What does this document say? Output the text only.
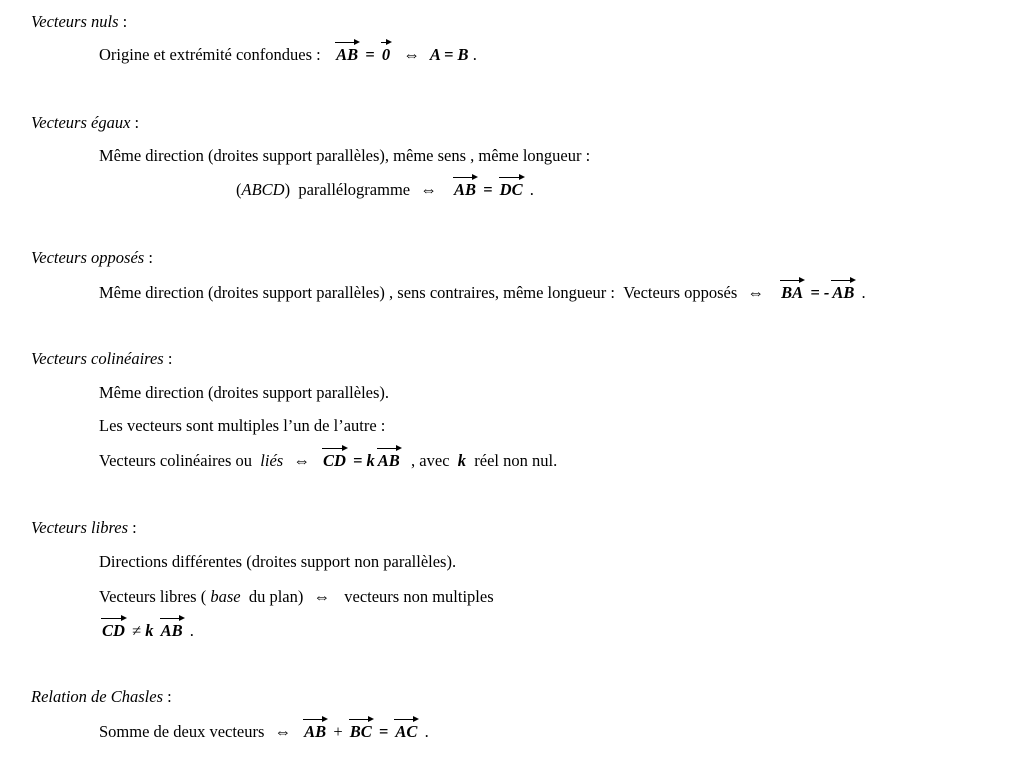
Vecteurs nuls :
Origine et extrémité confondues : AB = 0 ⇔ A = B .
Vecteurs égaux :
Même direction (droites support parallèles), même sens , même longueur :
(ABCD) parallélogramme ⇔ AB = DC .
Vecteurs opposés :
Même direction (droites support parallèles) , sens contraires, même longueur : Vecteurs opposés ⇔ BA = - AB .
Vecteurs colinéaires :
Même direction (droites support parallèles).
Les vecteurs sont multiples l’un de l’autre :
Vecteurs colinéaires ou liés ⇔ CD = k AB , avec k réel non nul.
Vecteurs libres :
Directions différentes (droites support non parallèles).
Vecteurs libres ( base du plan) ⇔ vecteurs non multiples
CD ≠ k AB .
Relation de Chasles :
Somme de deux vecteurs ⇔ AB + BC = AC .
